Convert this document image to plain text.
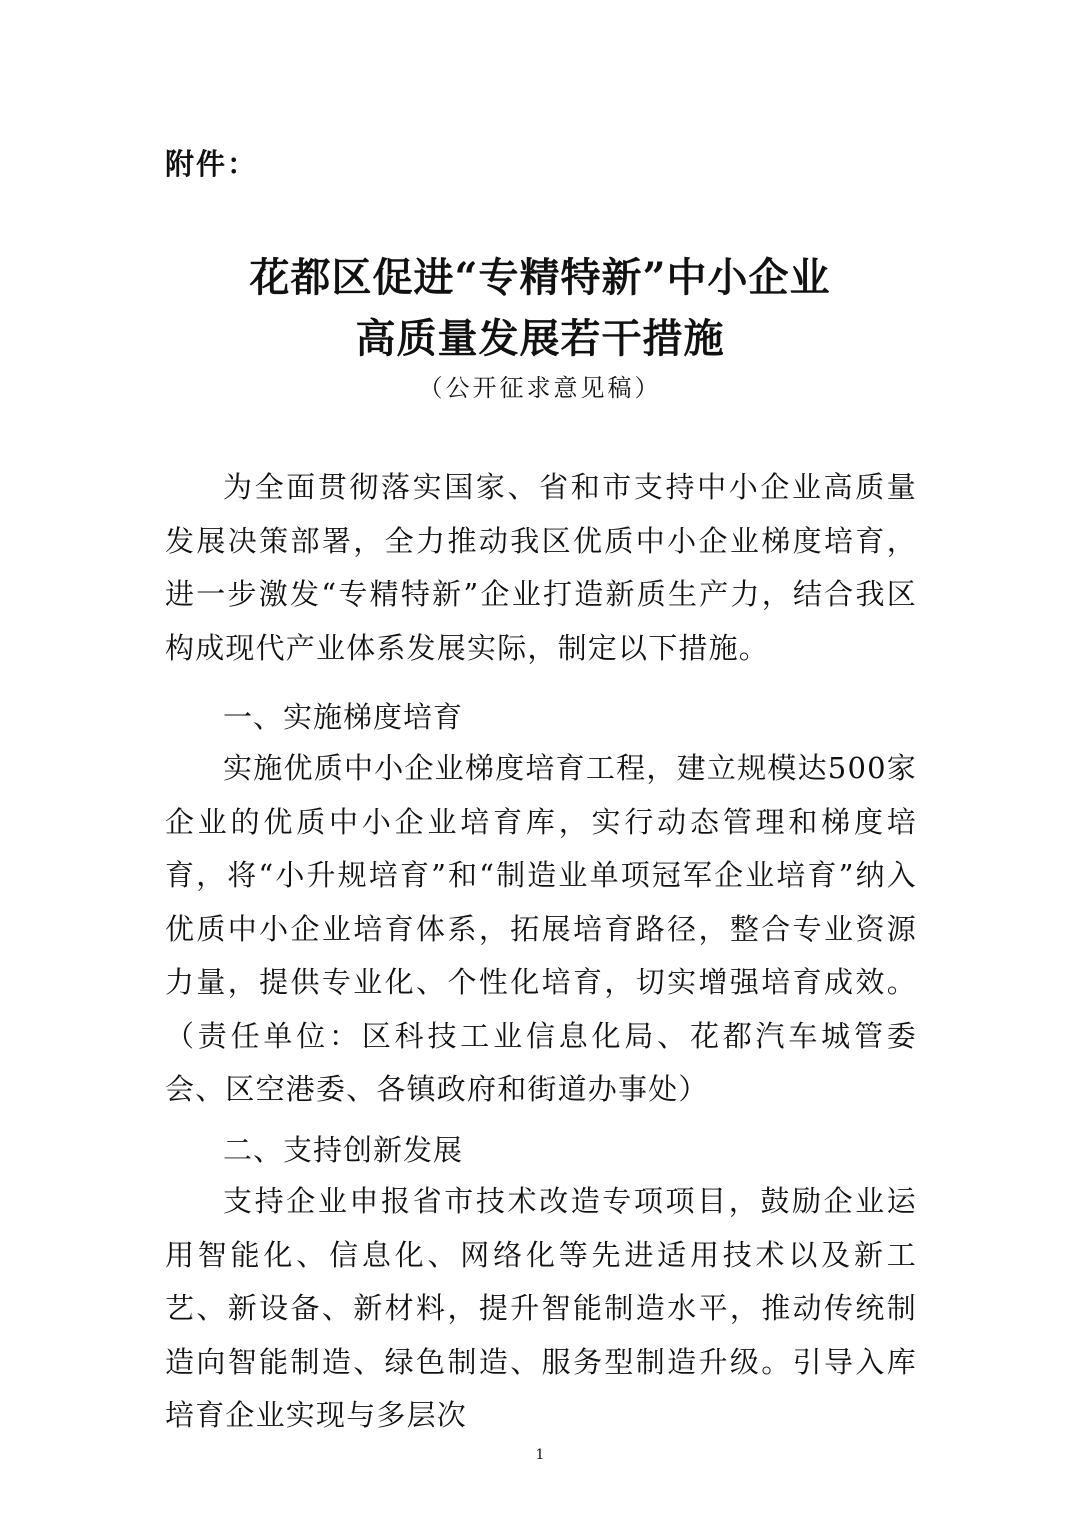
附件：
花都区促进“专精特新”中小企业
高质量发展若干措施
（公开征求意见稿）

为全面贯彻落实国家、省和市支持中小企业高质量发展决策部署，全力推动我区优质中小企业梯度培育，进一步激发“专精特新”企业打造新质生产力，结合我区构成现代产业体系发展实际，制定以下措施。

一、实施梯度培育

实施优质中小企业梯度培育工程，建立规模达500家企业的优质中小企业培育库，实行动态管理和梯度培育，将“小升规培育”和“制造业单项冠军企业培育”纳入优质中小企业培育体系，拓展培育路径，整合专业资源力量，提供专业化、个性化培育，切实增强培育成效。（责任单位：区科技工业信息化局、花都汽车城管委会、区空港委、各镇政府和街道办事处）

二、支持创新发展

支持企业申报省市技术改造专项项目，鼓励企业运用智能化、信息化、网络化等先进适用技术以及新工艺、新设备、新材料，提升智能制造水平，推动传统制造向智能制造、绿色制造、服务型制造升级。引导入库培育企业实现与多层次

1
